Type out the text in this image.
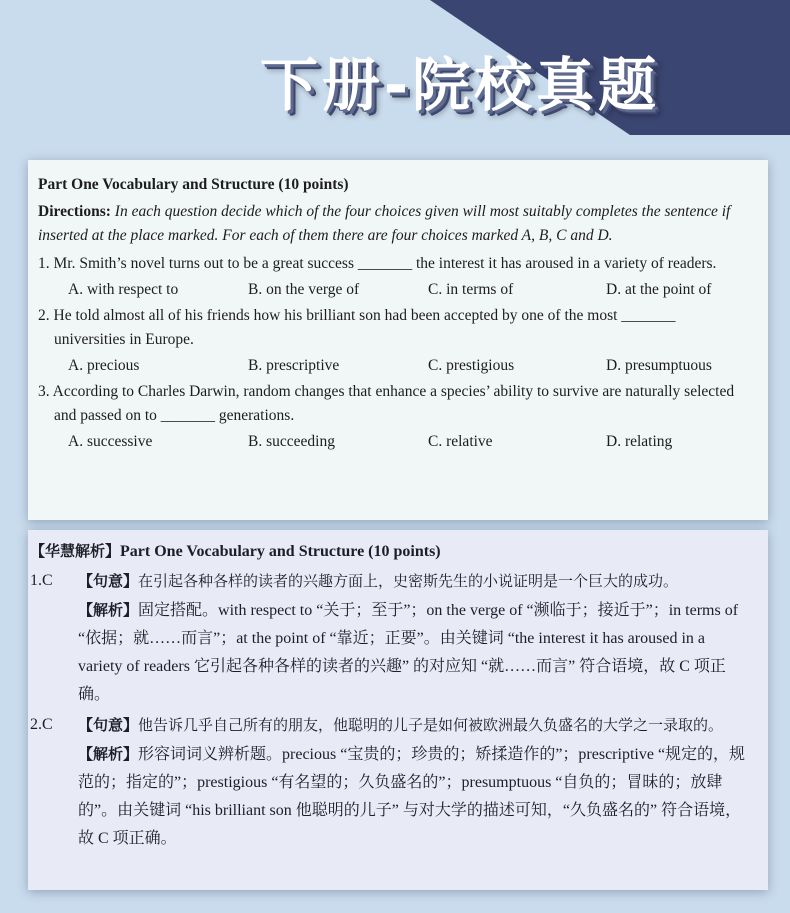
下册-院校真题

Part One Vocabulary and Structure (10 points)

Directions: In each question decide which of the four choices given will most suitably completes the sentence if inserted at the place marked. For each of them there are four choices marked A, B, C and D.

1. Mr. Smith’s novel turns out to be a great success _______ the interest it has aroused in a variety of readers.

A. with respect to	B. on the verge of	C. in terms of	D. at the point of

2. He told almost all of his friends how his brilliant son had been accepted by one of the most _______ universities in Europe.

A. precious	B. prescriptive	C. prestigious	D. presumptuous

3. According to Charles Darwin, random changes that enhance a species’ ability to survive are naturally selected and passed on to _______ generations.

A. successive	B. succeeding	C. relative	D. relating

【华慧解析】Part One Vocabulary and Structure (10 points)

1.C	【句意】在引起各种各样的读者的兴趣方面上，史密斯先生的小说证明是一个巨大的成功。

【解析】固定搭配。with respect to “关于；至于”；on the verge of “濒临于；接近于”；in terms of “依据；就……而言”；at the point of “靠近；正要”。由关键词 “the interest it has aroused in a variety of readers 它引起各种各样的读者的兴趣” 的对应知 “就……而言” 符合语境，故 C 项正确。

2.C	【句意】他告诉几乎自己所有的朋友，他聪明的儿子是如何被欧洲最久负盛名的大学之一录取的。

【解析】形容词词义辨析题。precious “宝贵的；珍贵的；矫揉造作的”；prescriptive “规定的，规范的；指定的”；prestigious “有名望的；久负盛名的”；presumptuous “自负的；冒昧的；放肆的”。由关键词 “his brilliant son 他聪明的儿子” 与对大学的描述可知，“久负盛名的” 符合语境，故 C 项正确。
